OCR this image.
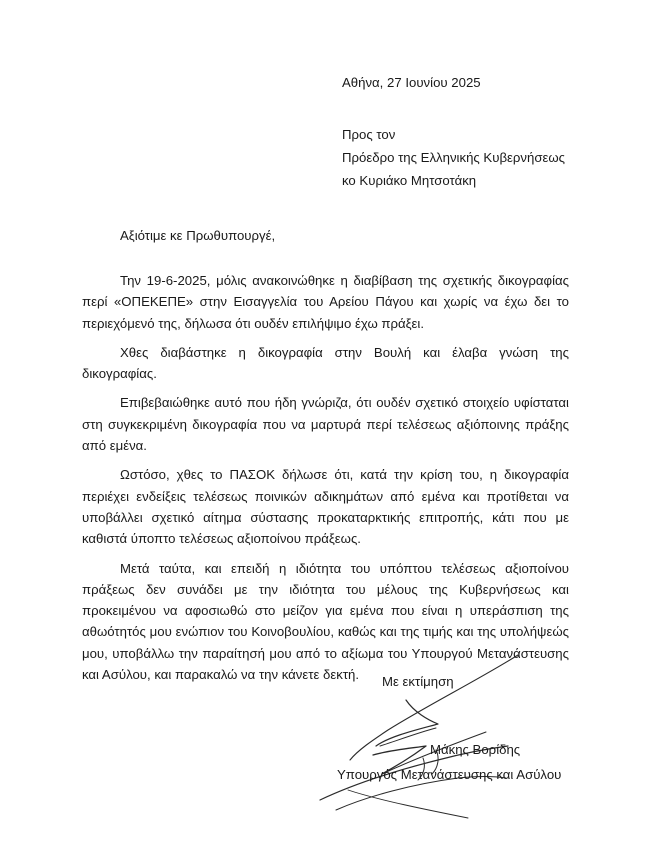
Αθήνα, 27 Ιουνίου 2025

Προς τον
Πρόεδρο της Ελληνικής Κυβερνήσεως
κο Κυριάκο Μητσοτάκη

Αξιότιμε κε Πρωθυπουργέ,

Την 19-6-2025, μόλις ανακοινώθηκε η διαβίβαση της σχετικής δικογραφίας περί «ΟΠΕΚΕΠΕ» στην Εισαγγελία του Αρείου Πάγου και χωρίς να έχω δει το περιεχόμενό της, δήλωσα ότι ουδέν επιλήψιμο έχω πράξει.

Χθες διαβάστηκε η δικογραφία στην Βουλή και έλαβα γνώση της δικογραφίας.

Επιβεβαιώθηκε αυτό που ήδη γνώριζα, ότι ουδέν σχετικό στοιχείο υφίσταται στη συγκεκριμένη δικογραφία που να μαρτυρά περί τελέσεως αξιόποινης πράξης από εμένα.

Ωστόσο, χθες το ΠΑΣΟΚ δήλωσε ότι, κατά την κρίση του, η δικογραφία περιέχει ενδείξεις τελέσεως ποινικών αδικημάτων από εμένα και προτίθεται να υποβάλλει σχετικό αίτημα σύστασης προκαταρκτικής επιτροπής, κάτι που με καθιστά ύποπτο τελέσεως αξιοποίνου πράξεως.

Μετά ταύτα, και επειδή η ιδιότητα του υπόπτου τελέσεως αξιοποίνου πράξεως δεν συνάδει με την ιδιότητα του μέλους της Κυβερνήσεως και προκειμένου να αφοσιωθώ στο μείζον για εμένα που είναι η υπεράσπιση της αθωότητός μου ενώπιον του Κοινοβουλίου, καθώς και της τιμής και της υπολήψεώς μου, υποβάλλω την παραίτησή μου από το αξίωμα του Υπουργού Μετανάστευσης και Ασύλου, και παρακαλώ να την κάνετε δεκτή.	Με εκτίμηση

Μάκης Βορίδης

Υπουργός Μετανάστευσης και Ασύλου
